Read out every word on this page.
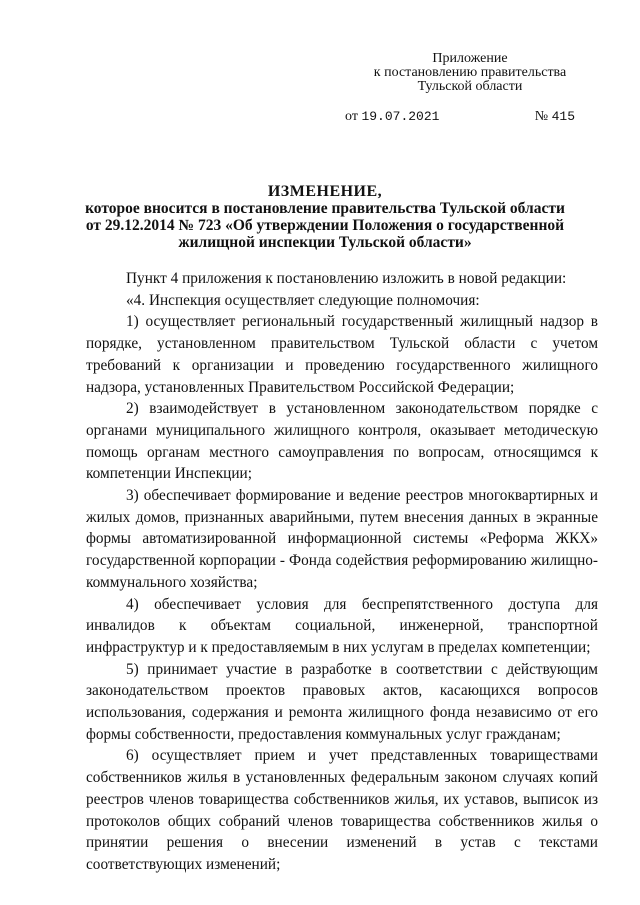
Приложение
к постановлению правительства
Тульской области
от 19.07.2021	№ 415
ИЗМЕНЕНИЕ,
которое вносится в постановление правительства Тульской области
от 29.12.2014 № 723 «Об утверждении Положения о государственной
жилищной инспекции Тульской области»

Пункт 4 приложения к постановлению изложить в новой редакции:

«4. Инспекция осуществляет следующие полномочия:

1) осуществляет региональный государственный жилищный надзор в порядке, установленном правительством Тульской области с учетом требований к организации и проведению государственного жилищного надзора, установленных Правительством Российской Федерации;

2) взаимодействует в установленном законодательством порядке с органами муниципального жилищного контроля, оказывает методическую помощь органам местного самоуправления по вопросам, относящимся к компетенции Инспекции;

3) обеспечивает формирование и ведение реестров многоквартирных и жилых домов, признанных аварийными, путем внесения данных в экранные формы автоматизированной информационной системы «Реформа ЖКХ» государственной корпорации - Фонда содействия реформированию жилищно-коммунального хозяйства;

4) обеспечивает условия для беспрепятственного доступа для инвалидов к объектам социальной, инженерной, транспортной инфраструктур и к предоставляемым в них услугам в пределах компетенции;

5) принимает участие в разработке в соответствии с действующим законодательством проектов правовых актов, касающихся вопросов использования, содержания и ремонта жилищного фонда независимо от его формы собственности, предоставления коммунальных услуг гражданам;

6) осуществляет прием и учет представленных товариществами собственников жилья в установленных федеральным законом случаях копий реестров членов товарищества собственников жилья, их уставов, выписок из протоколов общих собраний членов товарищества собственников жилья о принятии решения о внесении изменений в устав с текстами соответствующих изменений;
